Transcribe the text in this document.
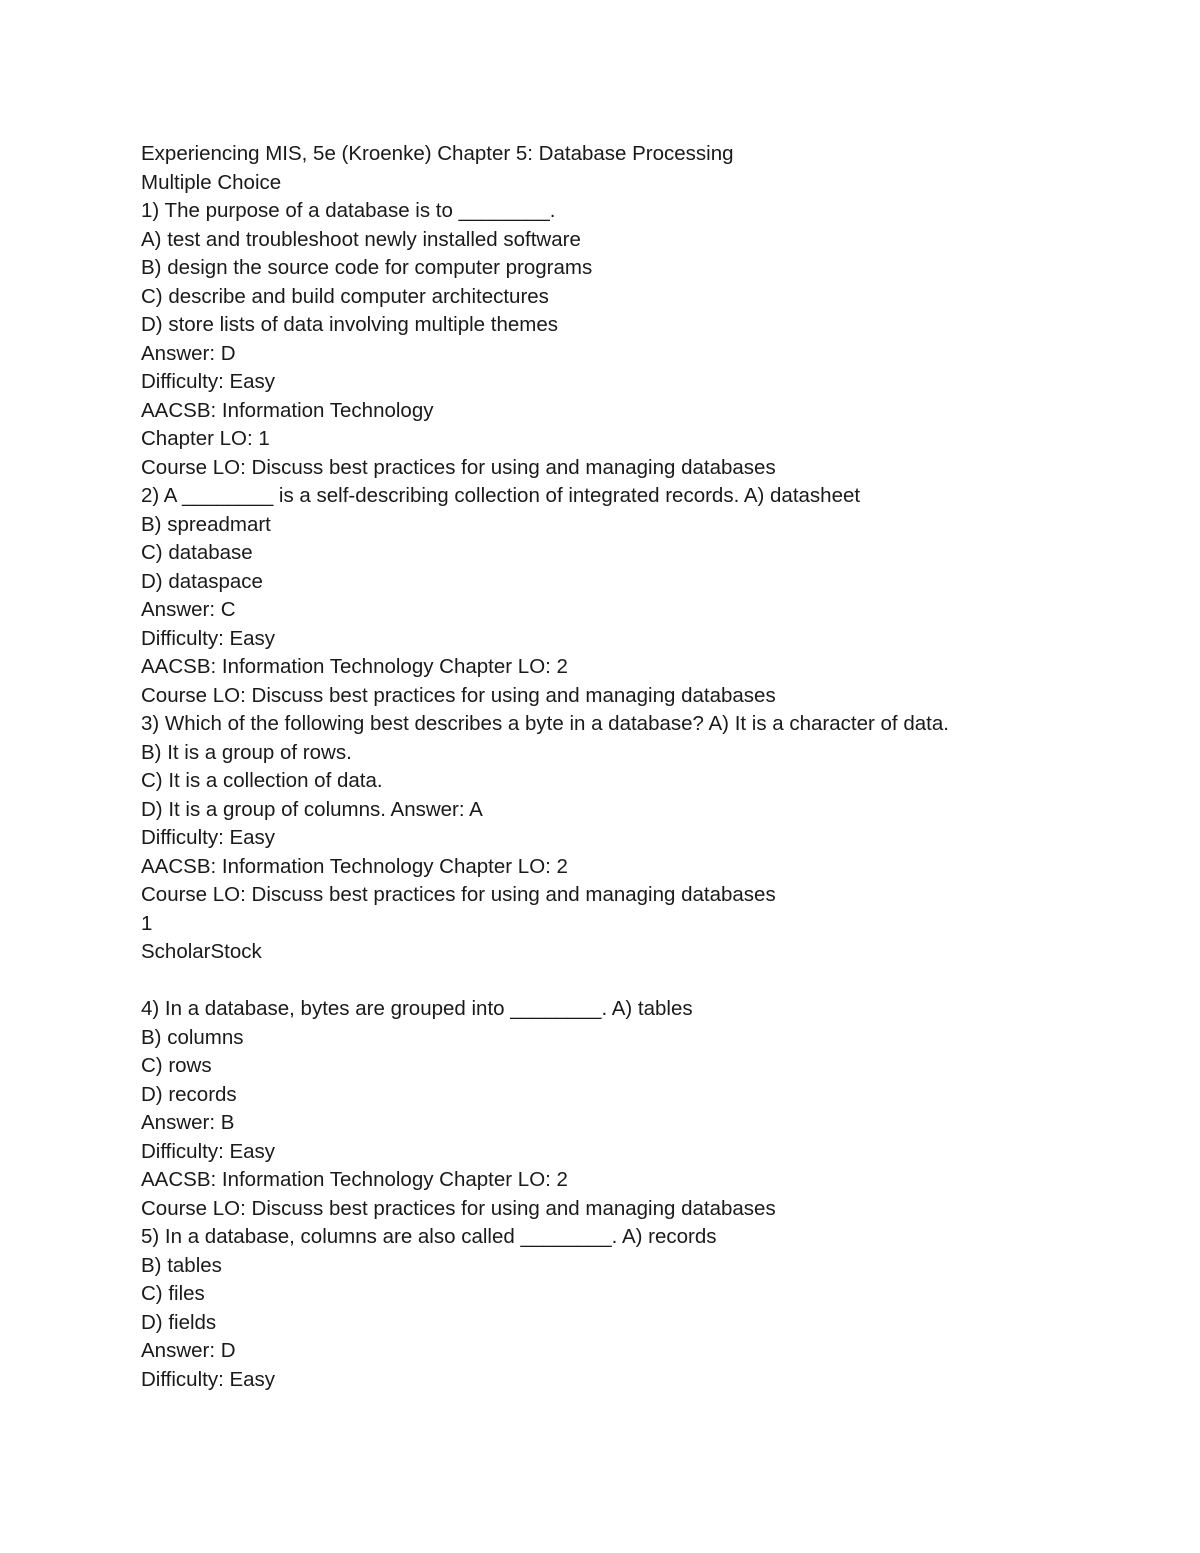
Experiencing MIS, 5e (Kroenke) Chapter 5: Database Processing
Multiple Choice
1) The purpose of a database is to ________.
A) test and troubleshoot newly installed software
B) design the source code for computer programs
C) describe and build computer architectures
D) store lists of data involving multiple themes
Answer: D
Difficulty: Easy
AACSB: Information Technology
Chapter LO: 1
Course LO: Discuss best practices for using and managing databases
2) A ________ is a self-describing collection of integrated records. A) datasheet
B) spreadmart
C) database
D) dataspace
Answer: C
Difficulty: Easy
AACSB: Information Technology Chapter LO: 2
Course LO: Discuss best practices for using and managing databases
3) Which of the following best describes a byte in a database? A) It is a character of data.
B) It is a group of rows.
C) It is a collection of data.
D) It is a group of columns. Answer: A
Difficulty: Easy
AACSB: Information Technology Chapter LO: 2
Course LO: Discuss best practices for using and managing databases
1
ScholarStock
4) In a database, bytes are grouped into ________. A) tables
B) columns
C) rows
D) records
Answer: B
Difficulty: Easy
AACSB: Information Technology Chapter LO: 2
Course LO: Discuss best practices for using and managing databases
5) In a database, columns are also called ________. A) records
B) tables
C) files
D) fields
Answer: D
Difficulty: Easy
